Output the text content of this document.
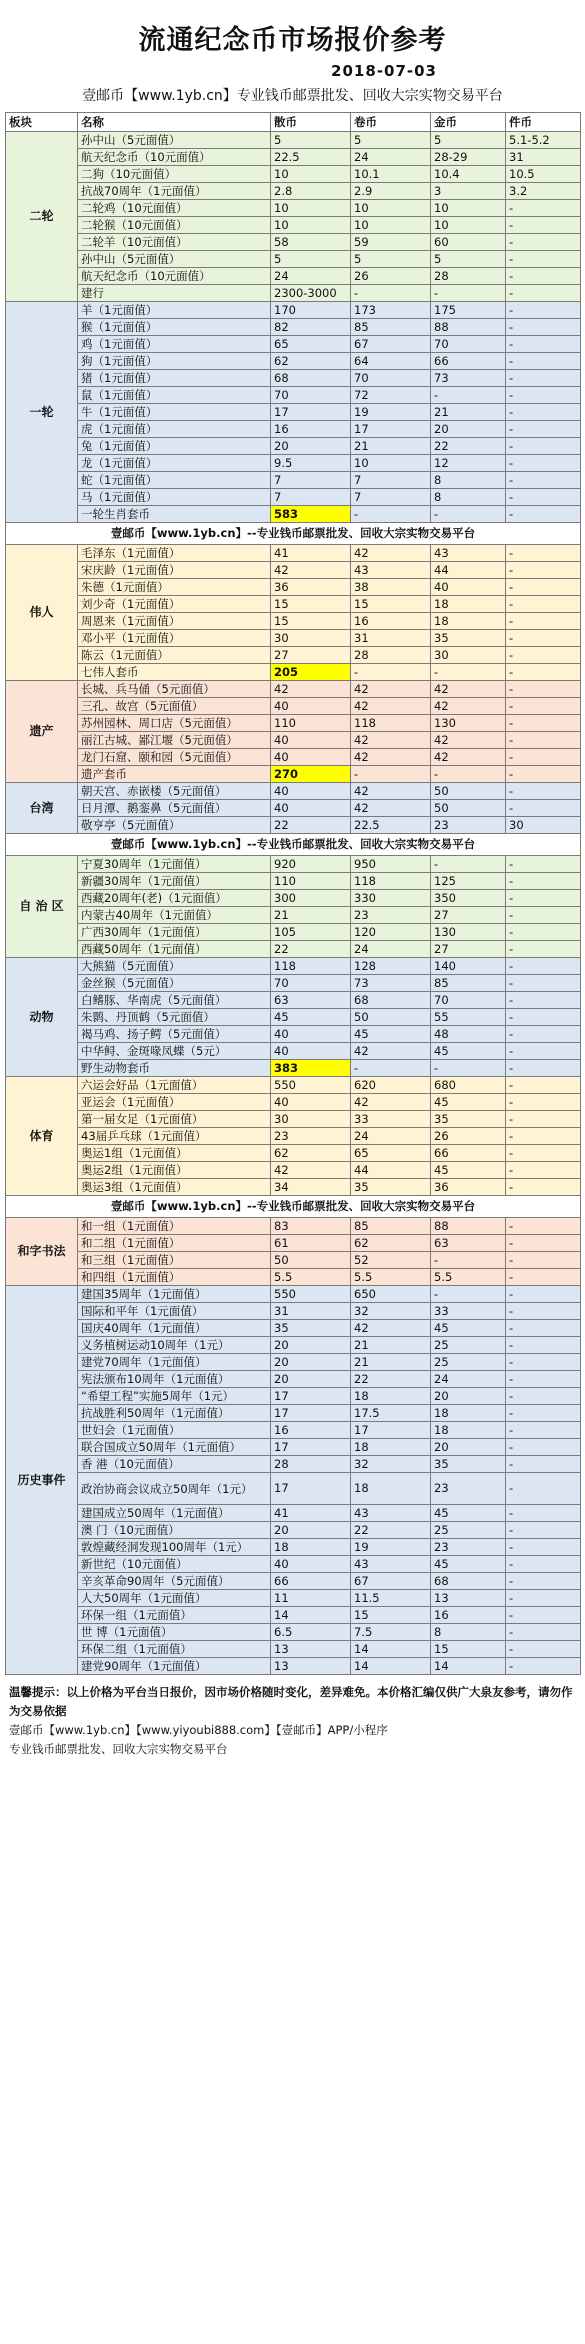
流通纪念币市场报价参考
2018-07-03
壹邮币【www.1yb.cn】专业钱币邮票批发、回收大宗实物交易平台
板块	名称	散币	卷币	金币	件币
二轮	孙中山（5元面值）	5	5	5	5.1-5.2
	航天纪念币（10元面值）	22.5	24	28-29	31
	二狗（10元面值）	10	10.1	10.4	10.5
	抗战70周年（1元面值）	2.8	2.9	3	3.2
	二轮鸡（10元面值）	10	10	10	-
	二轮猴（10元面值）	10	10	10	-
	二轮羊（10元面值）	58	59	60	-
	孙中山（5元面值）	5	5	5	-
	航天纪念币（10元面值）	24	26	28	-
	建行	2300-3000	-	-	-
一轮	羊（1元面值）	170	173	175	-
	猴（1元面值）	82	85	88	-
	鸡（1元面值）	65	67	70	-
	狗（1元面值）	62	64	66	-
	猪（1元面值）	68	70	73	-
	鼠（1元面值）	70	72	-	-
	牛（1元面值）	17	19	21	-
	虎（1元面值）	16	17	20	-
	兔（1元面值）	20	21	22	-
	龙（1元面值）	9.5	10	12	-
	蛇（1元面值）	7	7	8	-
	马（1元面值）	7	7	8	-
	一轮生肖套币	583	-	-	-
壹邮币【www.1yb.cn】--专业钱币邮票批发、回收大宗实物交易平台					
伟人	毛泽东（1元面值）	41	42	43	-
	宋庆龄（1元面值）	42	43	44	-
	朱德（1元面值）	36	38	40	-
	刘少奇（1元面值）	15	15	18	-
	周恩来（1元面值）	15	16	18	-
	邓小平（1元面值）	30	31	35	-
	陈云（1元面值）	27	28	30	-
	七伟人套币	205	-	-	-
遗产	长城、兵马俑（5元面值）	42	42	42	-
	三孔、故宫（5元面值）	40	42	42	-
	苏州园林、周口店（5元面值）	110	118	130	-
	丽江古城、鄙江堰（5元面值）	40	42	42	-
	龙门石窟、颐和园（5元面值）	40	42	42	-
	遗产套币	270	-	-	-
台湾	朝天宫、赤嵌楼（5元面值）	40	42	50	-
	日月潭、鹅銮鼻（5元面值）	40	42	50	-
	敬亨亭（5元面值）	22	22.5	23	30
壹邮币【www.1yb.cn】--专业钱币邮票批发、回收大宗实物交易平台					
自 治 区	宁夏30周年（1元面值）	920	950	-	-
	新疆30周年（1元面值）	110	118	125	-
	西藏20周年(老)（1元面值）	300	330	350	-
	内蒙古40周年（1元面值）	21	23	27	-
	广西30周年（1元面值）	105	120	130	-
	西藏50周年（1元面值）	22	24	27	-
动物	大熊猫（5元面值）	118	128	140	-
	金丝猴（5元面值）	70	73	85	-
	白鳍豚、华南虎（5元面值）	63	68	70	-
	朱鹮、丹顶鹤（5元面值）	45	50	55	-
	褐马鸡、扬子鳄（5元面值）	40	45	48	-
	中华鲟、金斑喙凤蝶（5元）	40	42	45	-
	野生动物套币	383	-	-	-
体育	六运会好品（1元面值）	550	620	680	-
	亚运会（1元面值）	40	42	45	-
	第一届女足（1元面值）	30	33	35	-
	43届乒乓球（1元面值）	23	24	26	-
	奥运1组（1元面值）	62	65	66	-
	奥运2组（1元面值）	42	44	45	-
	奥运3组（1元面值）	34	35	36	-
壹邮币【www.1yb.cn】--专业钱币邮票批发、回收大宗实物交易平台					
和字书法	和一组（1元面值）	83	85	88	-
	和二组（1元面值）	61	62	63	-
	和三组（1元面值）	50	52	-	-
	和四组（1元面值）	5.5	5.5	5.5	-
历史事件	建国35周年（1元面值）	550	650	-	-
	国际和平年（1元面值）	31	32	33	-
	国庆40周年（1元面值）	35	42	45	-
	义务植树运动10周年（1元）	20	21	25	-
	建党70周年（1元面值）	20	21	25	-
	宪法颁布10周年（1元面值）	20	22	24	-
	“希望工程”实施5周年（1元）	17	18	20	-
	抗战胜利50周年（1元面值）	17	17.5	18	-
	世妇会（1元面值）	16	17	18	-
	联合国成立50周年（1元面值）	17	18	20	-
	香 港（10元面值）	28	32	35	-
	政治协商会议成立50周年（1元）	17	18	23	-
	建国成立50周年（1元面值）	41	43	45	-
	澳 门（10元面值）	20	22	25	-
	敦煌藏经洞发现100周年（1元）	18	19	23	-
	新世纪（10元面值）	40	43	45	-
	辛亥革命90周年（5元面值）	66	67	68	-
	人大50周年（1元面值）	11	11.5	13	-
	环保一组（1元面值）	14	15	16	-
	世 博（1元面值）	6.5	7.5	8	-
	环保二组（1元面值）	13	14	15	-
	建党90周年（1元面值）	13	14	14	-
温馨提示：以上价格为平台当日报价，因市场价格随时变化，差异难免。本价格汇编仅供广大泉友参考，请勿作为交易依据
壹邮币【www.1yb.cn】【www.yiyoubi888.com】【壹邮币】APP/小程序
专业钱币邮票批发、回收大宗实物交易平台
